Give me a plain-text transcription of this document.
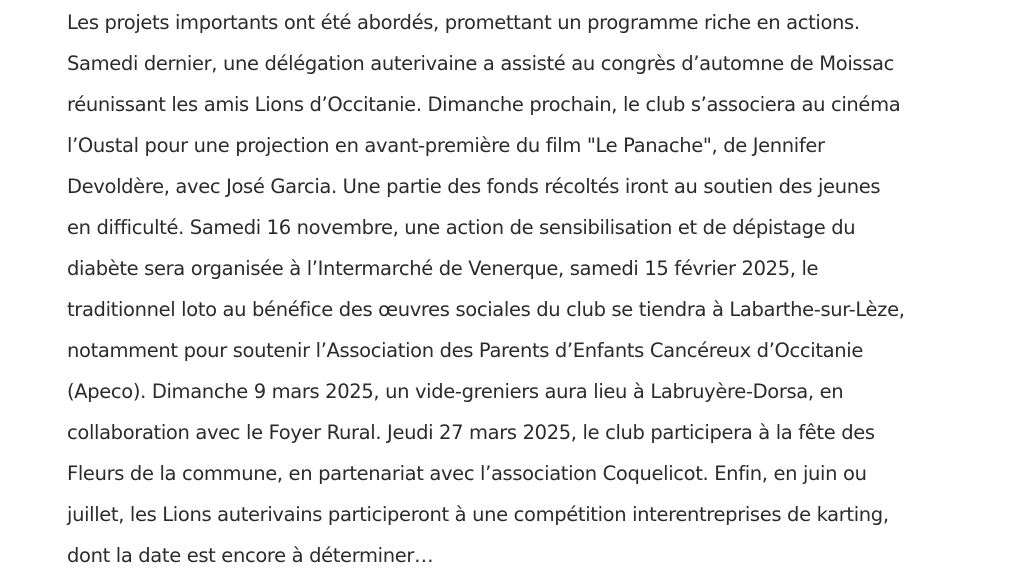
Les projets importants ont été abordés, promettant un programme riche en actions.
Samedi dernier, une délégation auterivaine a assisté au congrès d’automne de Moissac
réunissant les amis Lions d’Occitanie. Dimanche prochain, le club s’associera au cinéma
l’Oustal pour une projection en avant-première du film "Le Panache", de Jennifer
Devoldère, avec José Garcia. Une partie des fonds récoltés iront au soutien des jeunes
en difficulté. Samedi 16 novembre, une action de sensibilisation et de dépistage du
diabète sera organisée à l’Intermarché de Venerque, samedi 15 février 2025, le
traditionnel loto au bénéfice des œuvres sociales du club se tiendra à Labarthe-sur-Lèze,
notamment pour soutenir l’Association des Parents d’Enfants Cancéreux d’Occitanie
(Apeco). Dimanche 9 mars 2025, un vide-greniers aura lieu à Labruyère-Dorsa, en
collaboration avec le Foyer Rural. Jeudi 27 mars 2025, le club participera à la fête des
Fleurs de la commune, en partenariat avec l’association Coquelicot. Enfin, en juin ou
juillet, les Lions auterivains participeront à une compétition interentreprises de karting,
dont la date est encore à déterminer…
